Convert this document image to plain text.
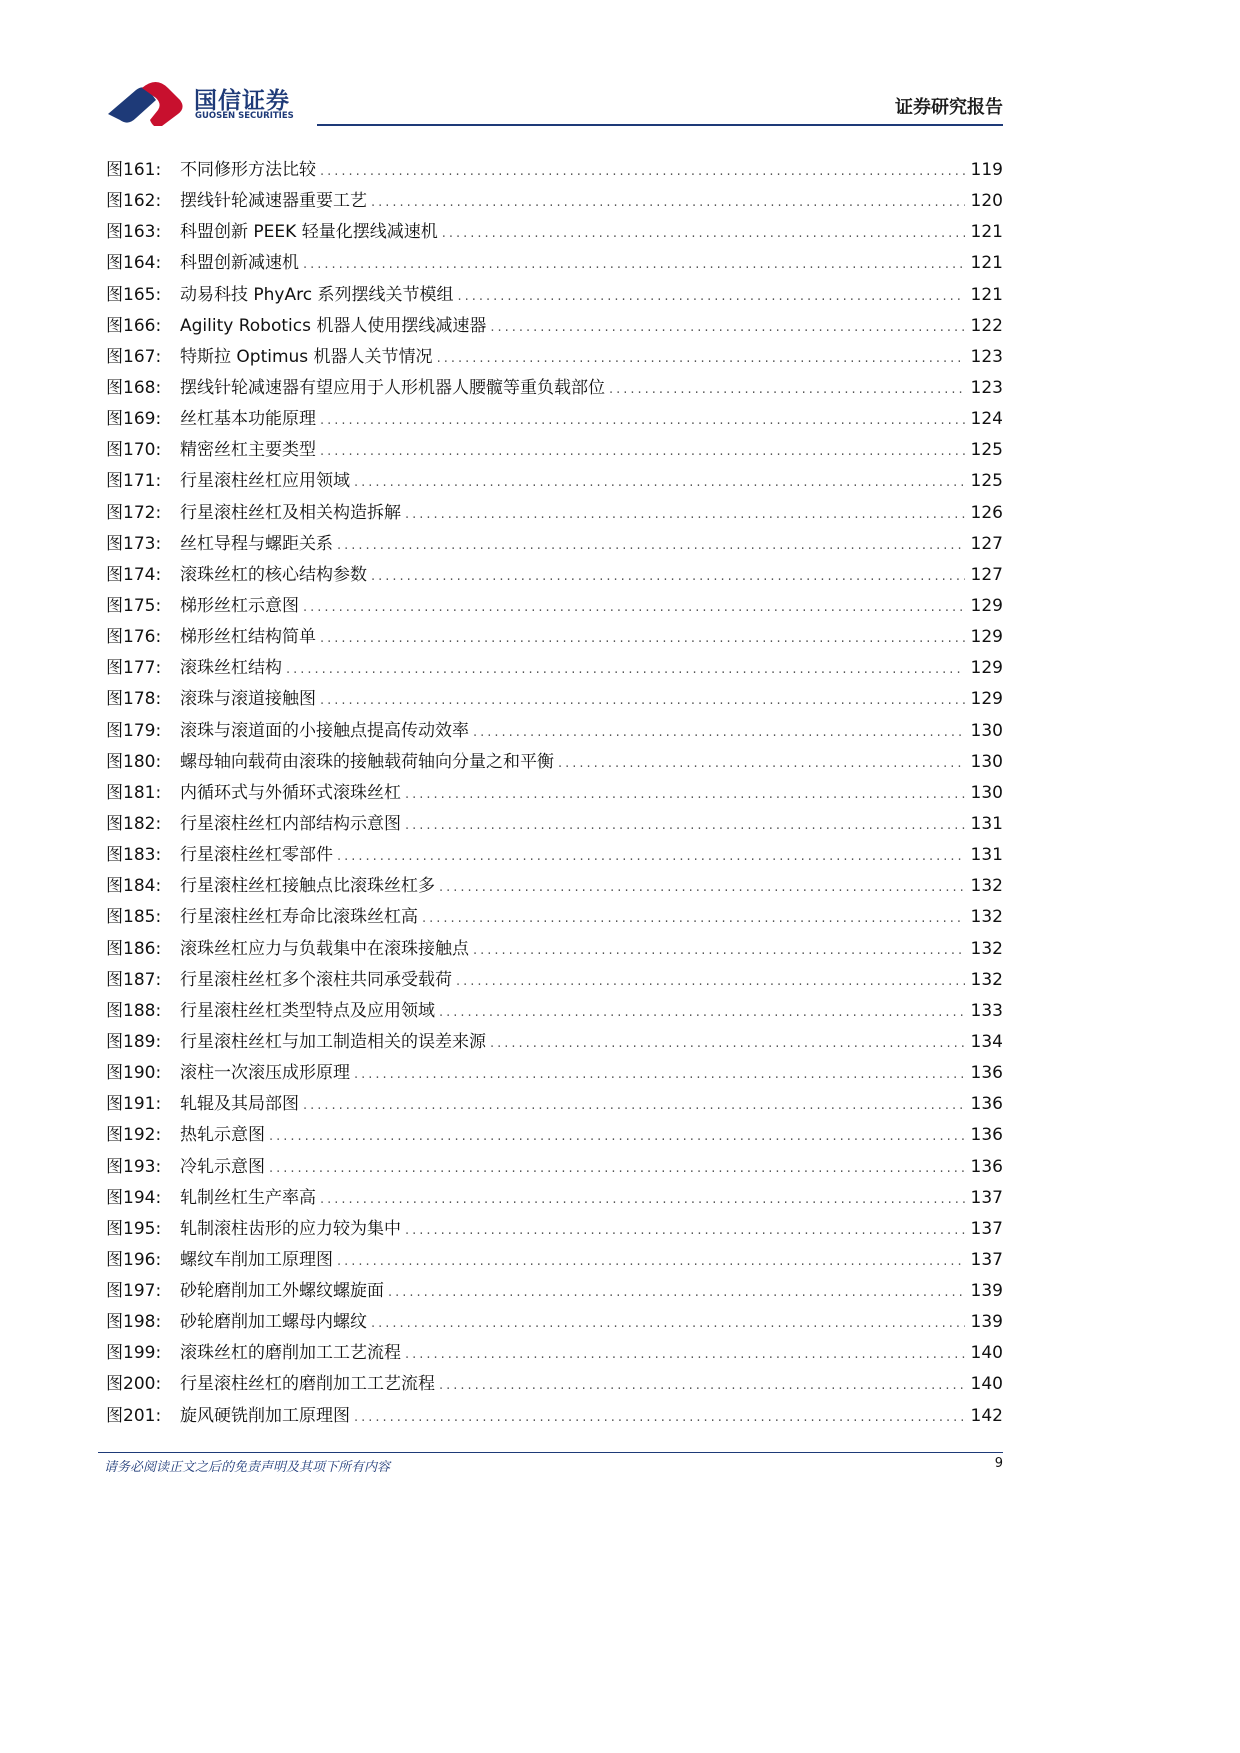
国信证券
GUOSEN SECURITIES	证券研究报告
图161:	不同修形方法比较 .....	119
图162:	摆线针轮减速器重要工艺 .....	120
图163:	科盟创新 PEEK 轻量化摆线减速机 .....	121
图164:	科盟创新减速机 .....	121
图165:	动易科技 PhyArc 系列摆线关节模组 .....	121
图166:	Agility Robotics 机器人使用摆线减速器 .....	122
图167:	特斯拉 Optimus 机器人关节情况 .....	123
图168:	摆线针轮减速器有望应用于人形机器人腰髋等重负载部位 .....	123
图169:	丝杠基本功能原理 .....	124
图170:	精密丝杠主要类型 .....	125
图171:	行星滚柱丝杠应用领域 .....	125
图172:	行星滚柱丝杠及相关构造拆解 .....	126
图173:	丝杠导程与螺距关系 .....	127
图174:	滚珠丝杠的核心结构参数 .....	127
图175:	梯形丝杠示意图 .....	129
图176:	梯形丝杠结构简单 .....	129
图177:	滚珠丝杠结构 .....	129
图178:	滚珠与滚道接触图 .....	129
图179:	滚珠与滚道面的小接触点提高传动效率 .....	130
图180:	螺母轴向载荷由滚珠的接触载荷轴向分量之和平衡 .....	130
图181:	内循环式与外循环式滚珠丝杠 .....	130
图182:	行星滚柱丝杠内部结构示意图 .....	131
图183:	行星滚柱丝杠零部件 .....	131
图184:	行星滚柱丝杠接触点比滚珠丝杠多 .....	132
图185:	行星滚柱丝杠寿命比滚珠丝杠高 .....	132
图186:	滚珠丝杠应力与负载集中在滚珠接触点 .....	132
图187:	行星滚柱丝杠多个滚柱共同承受载荷 .....	132
图188:	行星滚柱丝杠类型特点及应用领域 .....	133
图189:	行星滚柱丝杠与加工制造相关的误差来源 .....	134
图190:	滚柱一次滚压成形原理 .....	136
图191:	轧辊及其局部图 .....	136
图192:	热轧示意图 .....	136
图193:	冷轧示意图 .....	136
图194:	轧制丝杠生产率高 .....	137
图195:	轧制滚柱齿形的应力较为集中 .....	137
图196:	螺纹车削加工原理图 .....	137
图197:	砂轮磨削加工外螺纹螺旋面 .....	139
图198:	砂轮磨削加工螺母内螺纹 .....	139
图199:	滚珠丝杠的磨削加工工艺流程 .....	140
图200:	行星滚柱丝杠的磨削加工工艺流程 .....	140
图201:	旋风硬铣削加工原理图 .....	142
请务必阅读正文之后的免责声明及其项下所有内容	9
